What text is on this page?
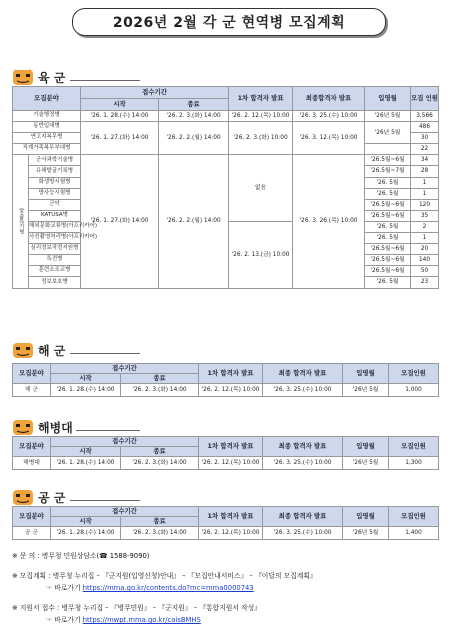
2026년 2월 각 군 현역병 모집계획
육 군
모집분야		접수기간		1차 합격자 발표	최종합격자 발표	입영월	모집 인원
		시작	종료				
기술행정병		'26. 1. 28.(수) 14:00	'26. 2. 3.(화) 14:00	'26. 2. 12.(목) 10:00	'26. 3. 25.(수) 10:00	'26년 5월	3,566
동반입대병		'26. 1. 27.(화) 14:00	'26. 2. 2.(월) 14:00	'26. 2. 3.(화) 10:00	'26. 3. 12.(목) 10:00	'26년 5월	486
연고지복무병							30
직계가족복무부대병							22
맞춤특기병	군사과학기술병	'26. 1. 27.(화) 14:00	'26. 2. 2.(월) 14:00	없음	'26. 3. 26.(목) 10:00	'26.5월~6월	34
	유해발굴기록병					'26.5월~7월	28
	화생방시험병					'26. 5월	1
	방사능시험병					'26. 5월	1
	군악					'26.5월~6월	120
	KATUSA병					'26.5월~6월	35
	해외문화교류병(아프리카어)			'26. 2. 13.(금) 10:00		'26. 5월	2
	사진촬영처리병(아프리카어)					'26. 5월	1
	심리정보작전지원병					'26.5월~6월	20
	특전병					'26.5월~6월	140
	훈련소조교병					'26.5월~6월	50
	정보보호병					'26. 5월	23
해 군
모집분야	접수기간		1차 합격자 발표	최종 합격자 발표	입영월	모집인원
	시작	종료				
해 군	'26. 1. 28.(수) 14:00	'26. 2. 3.(화) 14:00	'26. 2. 12.(목) 10:00	'26. 3. 25.(수) 10:00	'26년 5월	1,000
해병대
모집분야	접수기간		1차 합격자 발표	최종 합격자 발표	입영월	모집인원
	시작	종료				
해병대	'26. 1. 28.(수) 14:00	'26. 2. 3.(화) 14:00	'26. 2. 12.(목) 10:00	'26. 3. 25.(수) 10:00	'26년 5월	1,300
공 군
모집분야	접수기간		1차 합격자 발표	최종 합격자 발표	입영월	모집인원
	시작	종료				
공 군	'26. 1. 28.(수) 14:00	'26. 2. 3.(화) 14:00	'26. 2. 12.(목) 10:00	'26. 3. 25.(수) 10:00	'26년 5월	1,400
※ 문 의 : 병무청 민원상담소(☎ 1588-9090)
※ 모집계획 : 병무청 누리집 – 『군지원(입영신청)안내』 – 『모집안내서비스』 – 『이달의 모집계획』
☞ 바로가기 https://mma.go.kr/contents.do?mc=mma0000743
※ 지원서 접수 : 병무청 누리집 – 『병무민원』 – 『군지원』 – 『통합지원서 작성』
☞ 바로가기 https://mwpt.mma.go.kr/caisBMHS
